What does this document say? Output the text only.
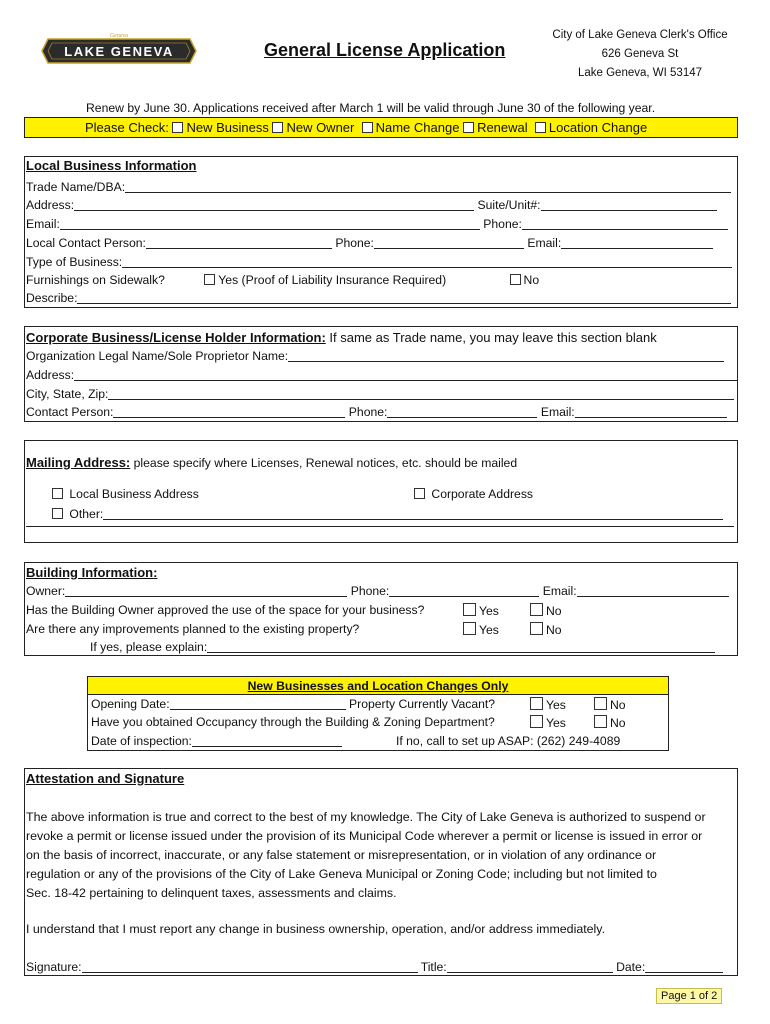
LAKE GENEVA
Geneva
General License Application
City of Lake Geneva Clerk's Office
626 Geneva St
Lake Geneva, WI 53147
Renew by June 30. Applications received after March 1 will be valid through June 30 of the following year.
Please Check: New Business New Owner Name Change Renewal Location Change
Local Business Information
Trade Name/DBA:
Address:	Suite/Unit#:
Email:	Phone:
Local Contact Person:	Phone:	Email:
Type of Business:
Furnishings on Sidewalk?	Yes (Proof of Liability Insurance Required)	No
Describe:
Corporate Business/License Holder Information: If same as Trade name, you may leave this section blank
Organization Legal Name/Sole Proprietor Name:
Address:
City, State, Zip:
Contact Person:	Phone:	Email:
Mailing Address: please specify where Licenses, Renewal notices, etc. should be mailed
Local Business Address	Corporate Address
Other:
Building Information:
Owner:	Phone:	Email:
Has the Building Owner approved the use of the space for your business?	Yes	No
Are there any improvements planned to the existing property?	Yes	No
If yes, please explain:
New Businesses and Location Changes Only
Opening Date:	Property Currently Vacant?	Yes	No
Have you obtained Occupancy through the Building & Zoning Department?	Yes	No
Date of inspection:	If no, call to set up ASAP: (262) 249-4089
Attestation and Signature
The above information is true and correct to the best of my knowledge. The City of Lake Geneva is authorized to suspend or
revoke a permit or license issued under the provision of its Municipal Code wherever a permit or license is issued in error or
on the basis of incorrect, inaccurate, or any false statement or misrepresentation, or in violation of any ordinance or
regulation or any of the provisions of the City of Lake Geneva Municipal or Zoning Code; including but not limited to
Sec. 18-42 pertaining to delinquent taxes, assessments and claims.
I understand that I must report any change in business ownership, operation, and/or address immediately.
Signature:	Title:	Date:
Page 1 of 2
